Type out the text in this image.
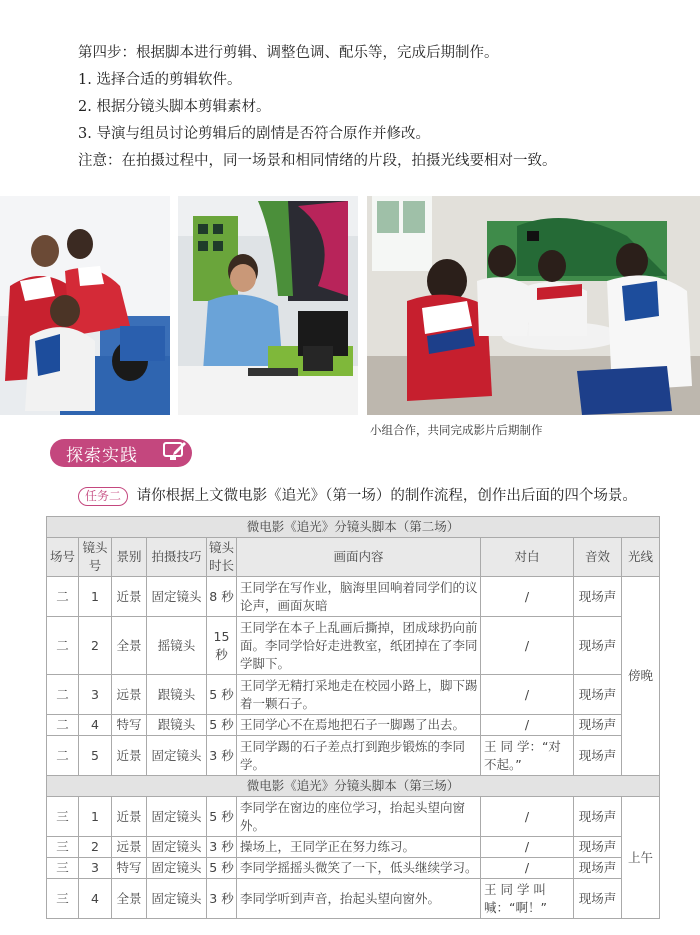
第四步：根据脚本进行剪辑、调整色调、配乐等，完成后期制作。
1. 选择合适的剪辑软件。
2. 根据分镜头脚本剪辑素材。
3. 导演与组员讨论剪辑后的剧情是否符合原作并修改。
注意：在拍摄过程中，同一场景和相同情绪的片段，拍摄光线要相对一致。
小组合作，共同完成影片后期制作
探索实践
任务二 请你根据上文微电影《追光》（第一场）的制作流程，创作出后面的四个场景。
微电影《追光》分镜头脚本（第二场）								
场号	镜头号	景别	拍摄技巧	镜头时长	画面内容	对白	音效	光线
二	1	近景	固定镜头	8 秒	王同学在写作业，脑海里回响着同学们的议论声，画面灰暗	/	现场声	傍晚
二	2	全景	摇镜头	15 秒	王同学在本子上乱画后撕掉，团成球扔向前面。李同学恰好走进教室，纸团掉在了李同学脚下。	/	现场声	
二	3	远景	跟镜头	5 秒	王同学无精打采地走在校园小路上，脚下踢着一颗石子。	/	现场声	
二	4	特写	跟镜头	5 秒	王同学心不在焉地把石子一脚踢了出去。	/	现场声	
二	5	近景	固定镜头	3 秒	王同学踢的石子差点打到跑步锻炼的李同学。	王 同 学：“对不起。”	现场声	
微电影《追光》分镜头脚本（第三场）								
三	1	近景	固定镜头	5 秒	李同学在窗边的座位学习，抬起头望向窗外。	/	现场声	上午
三	2	远景	固定镜头	3 秒	操场上，王同学正在努力练习。	/	现场声	
三	3	特写	固定镜头	5 秒	李同学摇摇头微笑了一下，低头继续学习。	/	现场声	
三	4	全景	固定镜头	3 秒	李同学听到声音，抬起头望向窗外。	王 同 学 叫 喊：“啊！”	现场声	
